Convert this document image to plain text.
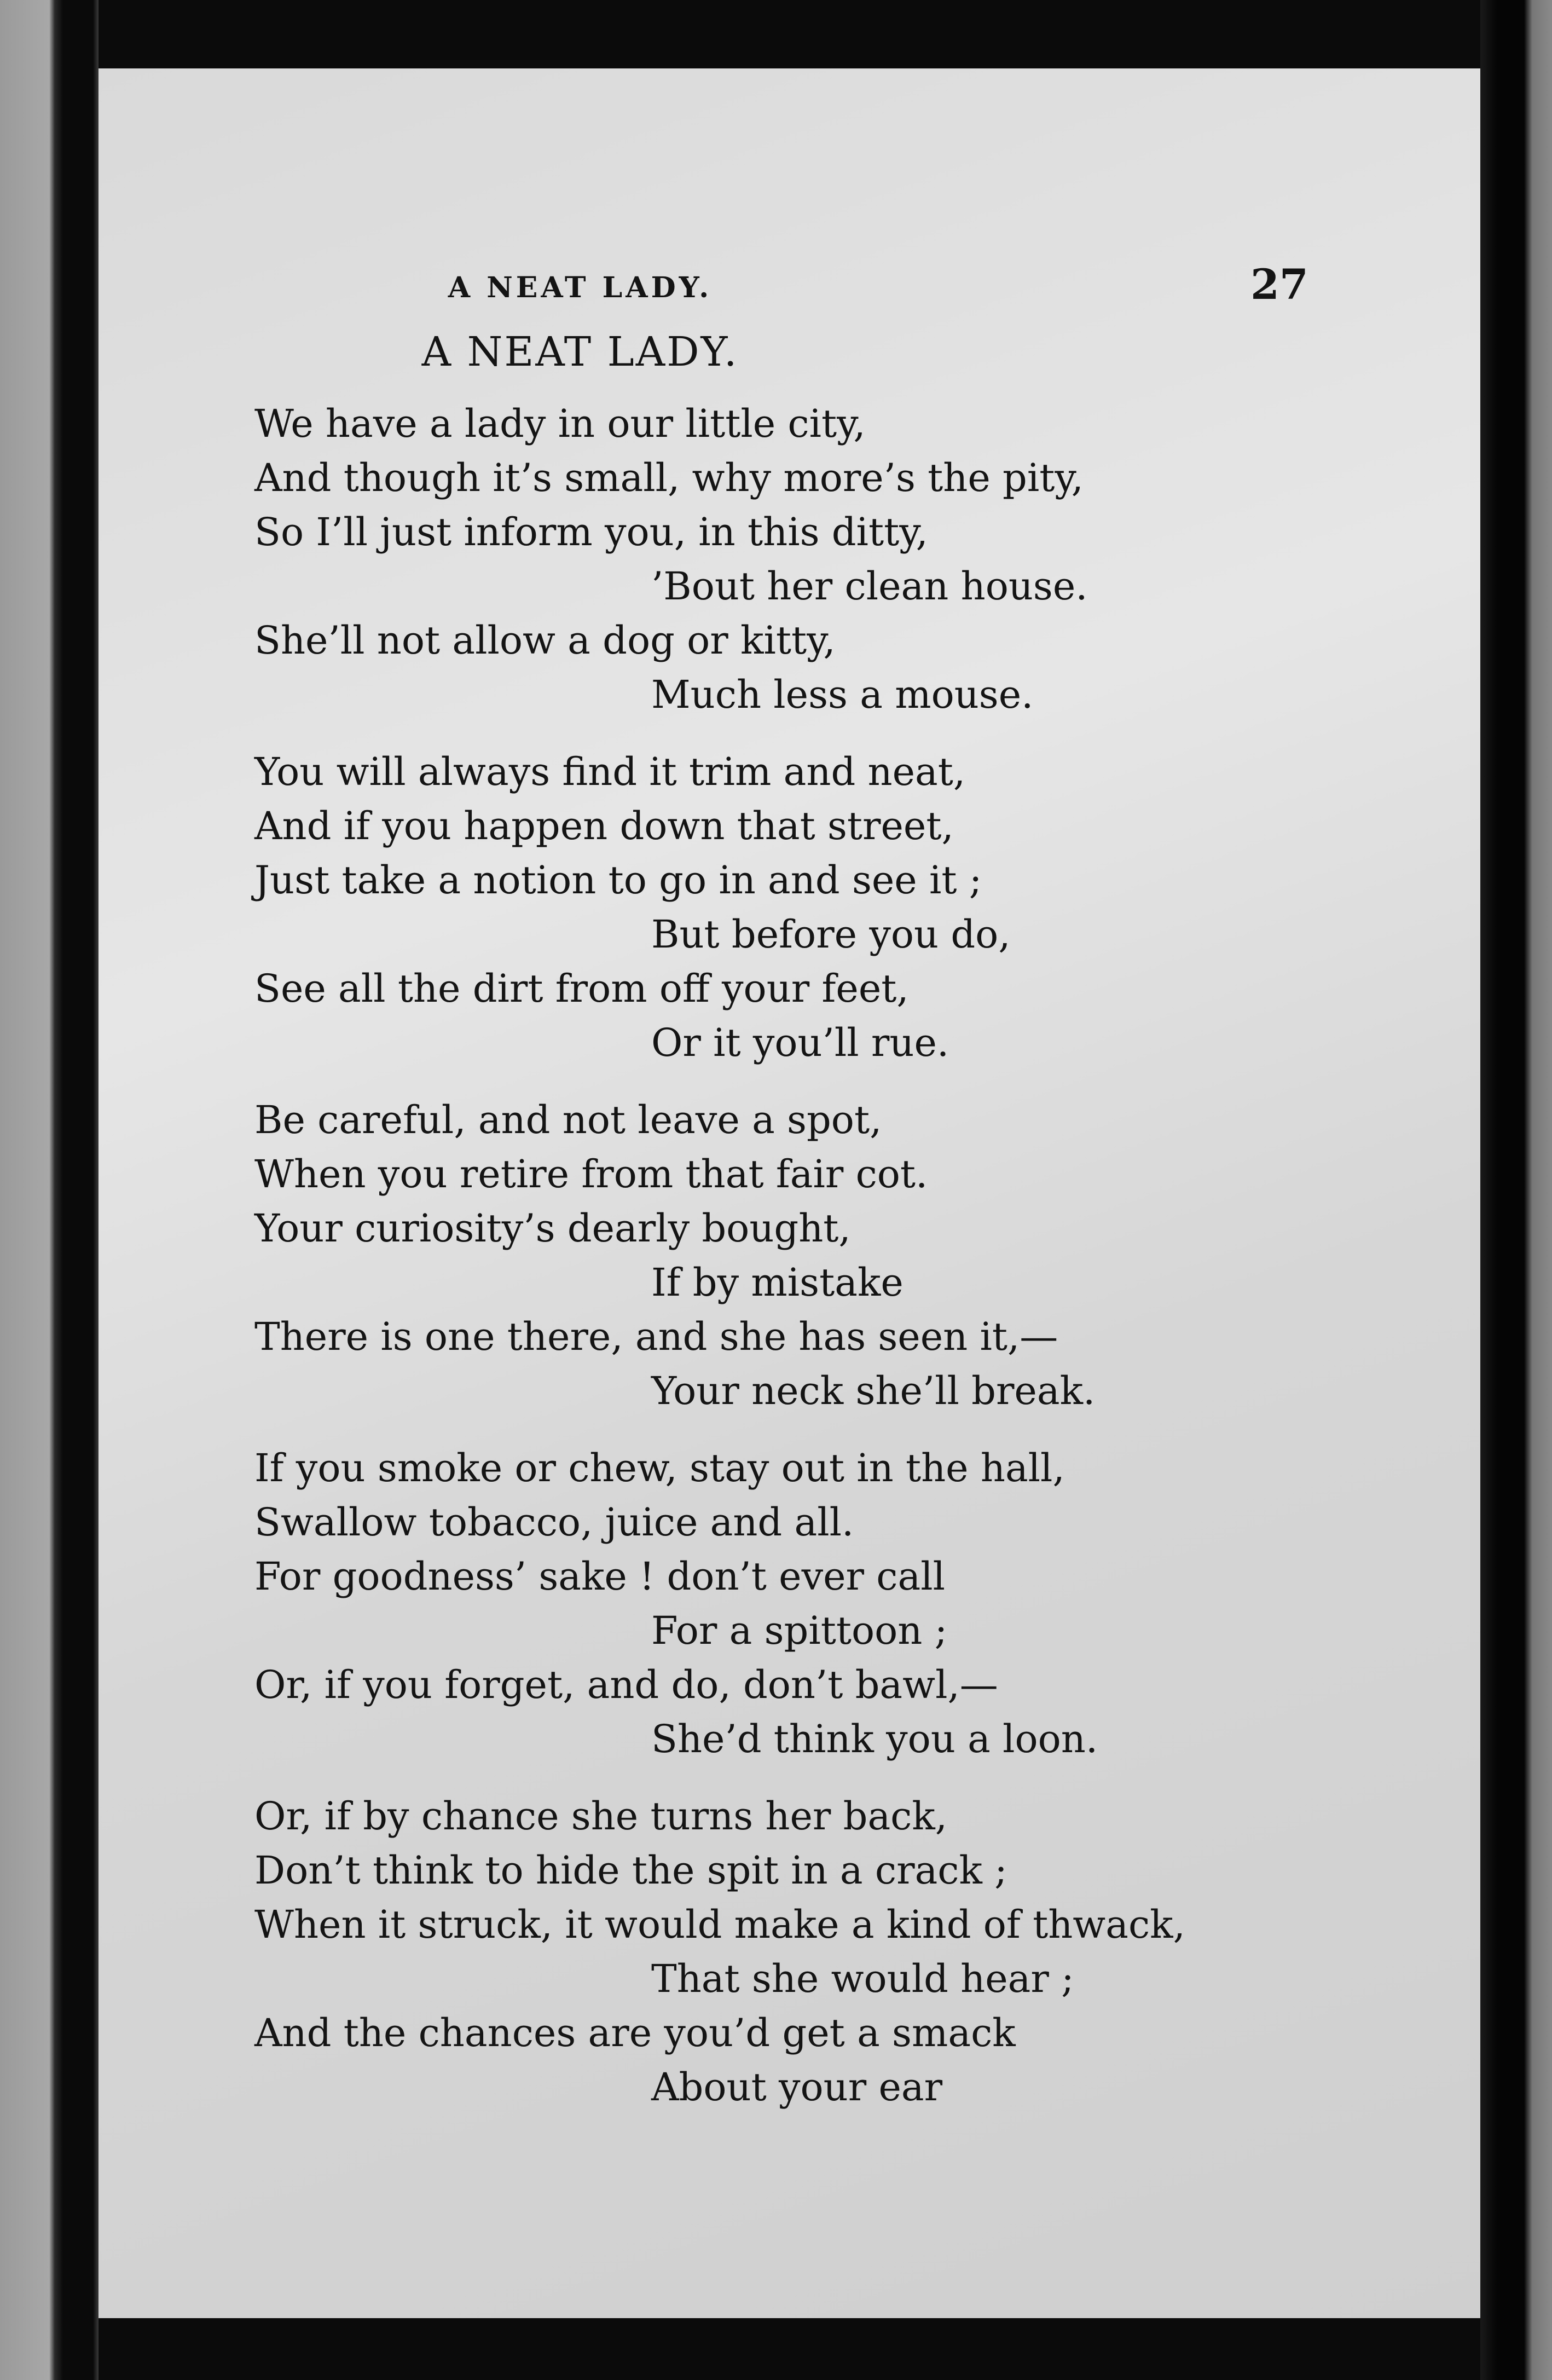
A NEAT LADY.	27
A NEAT LADY.
We have a lady in our little city,
And though it’s small, why more’s the pity,
So I’ll just inform you, in this ditty,
’Bout her clean house.
She’ll not allow a dog or kitty,
Much less a mouse.
You will always find it trim and neat,
And if you happen down that street,
Just take a notion to go in and see it ;
But before you do,
See all the dirt from off your feet,
Or it you’ll rue.
Be careful, and not leave a spot,
When you retire from that fair cot.
Your curiosity’s dearly bought,
If by mistake
There is one there, and she has seen it,—
Your neck she’ll break.
If you smoke or chew, stay out in the hall,
Swallow tobacco, juice and all.
For goodness’ sake ! don’t ever call
For a spittoon ;
Or, if you forget, and do, don’t bawl,—
She’d think you a loon.
Or, if by chance she turns her back,
Don’t think to hide the spit in a crack ;
When it struck, it would make a kind of thwack,
That she would hear ;
And the chances are you’d get a smack
About your ear
